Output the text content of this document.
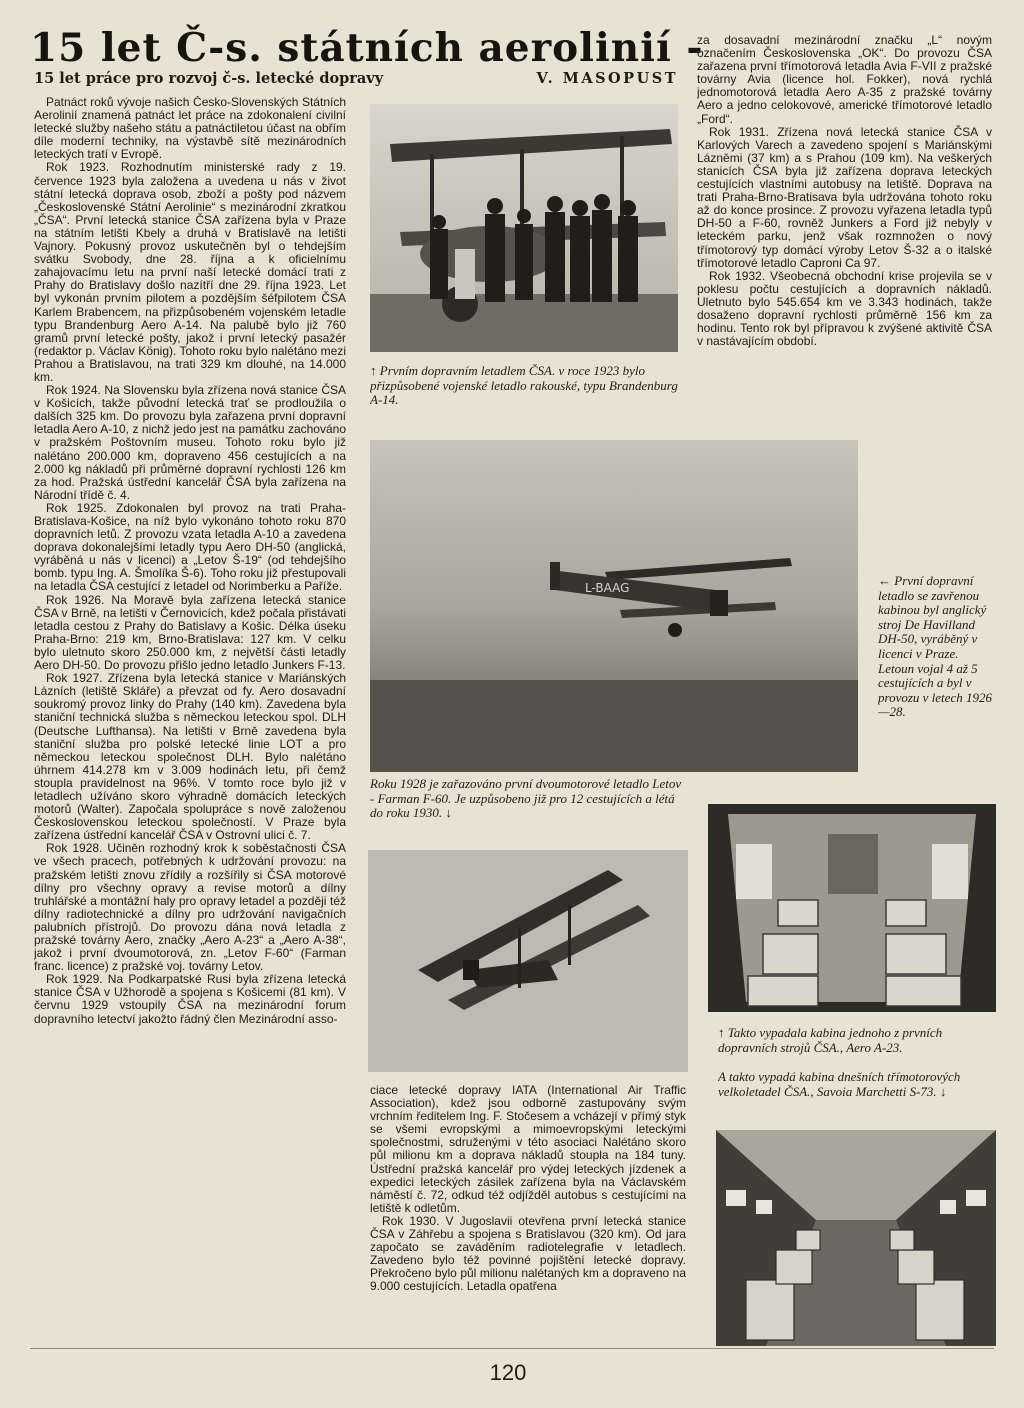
15 let Č-s. státních aerolinií -
15 let práce pro rozvoj č-s. letecké dopravy	V. MASOPUST

Patnáct roků vývoje našich Česko-Slovenských Státních Aerolinií znamená patnáct let práce na zdokonalení civilní letecké služby našeho státu a patnáctiletou účast na obřím díle moderní techniky, na výstavbě sítě mezinárodních leteckých tratí v Evropě.

Rok 1923. Rozhodnutím ministerské rady z 19. července 1923 byla založena a uvedena u nás v život státní letecká doprava osob, zboží a pošty pod názvem „Československé Státní Aerolinie“ s mezinárodní zkratkou „ČSA“. První letecká stanice ČSA zařízena byla v Praze na státním letišti Kbely a druhá v Bratislavě na letišti Vajnory. Pokusný provoz uskutečněn byl o tehdejším svátku Svobody, dne 28. října a k oficielnímu zahajovacímu letu na první naší letecké domácí trati z Prahy do Bratislavy došlo nazítří dne 29. října 1923. Let byl vykonán prvním pilotem a pozdějším šéfpilotem ČSA Karlem Brabencem, na přizpůsobeném vojenském letadle typu Brandenburg Aero A-14. Na palubě bylo již 760 gramů první letecké pošty, jakož i první letecký pasažér (redaktor p. Václav König). Tohoto roku bylo nalétáno mezi Prahou a Bratislavou, na trati 329 km dlouhé, na 14.000 km.

Rok 1924. Na Slovensku byla zřízena nová stanice ČSA v Košicích, takže původní letecká trať se prodloužila o dalších 325 km. Do provozu byla zařazena první dopravní letadla Aero A-10, z nichž jedo jest na památku zachováno v pražském Poštovním museu. Tohoto roku bylo již nalétáno 200.000 km, dopraveno 456 cestujících a na 2.000 kg nákladů při průměrné dopravní rychlosti 126 km za hod. Pražská ústřední kancelář ČSA byla zařízena na Národní třídě č. 4.

Rok 1925. Zdokonalen byl provoz na trati Praha-Bratislava-Košice, na níž bylo vykonáno tohoto roku 870 dopravních letů. Z provozu vzata letadla A-10 a zavedena doprava dokonalejšími letadly typu Aero DH-50 (anglická, vyráběná u nás v licenci) a „Letov Š-19“ (od tehdejšího bomb. typu Ing. A. Šmolíka Š-6). Toho roku již přestupovali na letadla ČSA cestující z letadel od Norimberku a Paříže.

Rok 1926. Na Moravě byla zařízena letecká stanice ČSA v Brně, na letišti v Černovicích, kdež počala přistávati letadla cestou z Prahy do Batislavy a Košic. Délka úseku Praha-Brno: 219 km, Brno-Bratislava: 127 km. V celku bylo uletnuto skoro 250.000 km, z největší části letadly Aero DH-50. Do provozu přišlo jedno letadlo Junkers F-13.

Rok 1927. Zřízena byla letecká stanice v Mariánských Lázních (letiště Skláře) a převzat od fy. Aero dosavadní soukromý provoz linky do Prahy (140 km). Zavedena byla staniční technická služba s německou leteckou spol. DLH (Deutsche Lufthansa). Na letišti v Brně zavedena byla staniční služba pro polské letecké linie LOT a pro německou leteckou společnost DLH. Bylo nalétáno úhrnem 414.278 km v 3.009 hodinách letu, při čemž stoupla pravidelnost na 96%. V tomto roce bylo již v letadlech užíváno skoro výhradně domácích leteckých motorů (Walter). Započala spolupráce s nově založenou Československou leteckou společností. V Praze byla zařízena ústřední kancelář ČSA v Ostrovní ulici č. 7.

Rok 1928. Učiněn rozhodný krok k soběstačnosti ČSA ve všech pracech, potřebných k udržování provozu: na pražském letišti znovu zřídily a rozšířily si ČSA motorové dílny pro všechny opravy a revise motorů a dílny truhlářské a montážní haly pro opravy letadel a později též dílny radiotechnické a dílny pro udržování navigačních palubních přístrojů. Do provozu dána nová letadla z pražské továrny Aero, značky „Aero A-23“ a „Aero A-38“, jakož i první dvoumotorová, zn. „Letov F-60“ (Farman franc. licence) z pražské voj. továrny Letov.

Rok 1929. Na Podkarpatské Rusi byla zřízena letecká stanice ČSA v Užhorodě a spojena s Košicemi (81 km). V červnu 1929 vstoupily ČSA na mezinárodní forum dopravního letectví jakožto řádný člen Mezinárodní asso-

↑ Prvním dopravním letadlem ČSA. v roce 1923 bylo přizpůsobené vojenské letadlo rakouské, typu Brandenburg A-14.

za dosavadní mezinárodní značku „L“ novým označením Československa „OK“. Do provozu ČSA zařazena první třímotorová letadla Avia F-VII z pražské továrny Avia (licence hol. Fokker), nová rychlá jednomotorová letadla Aero A-35 z pražské továrny Aero a jedno celokovové, americké třímotorové letadlo „Ford“.

Rok 1931. Zřízena nová letecká stanice ČSA v Karlových Varech a zavedeno spojení s Mariánskými Lázněmi (37 km) a s Prahou (109 km). Na veškerých stanicích ČSA byla již zařízena doprava leteckých cestujících vlastními autobusy na letiště. Doprava na trati Praha-Brno-Bratisava byla udržována tohoto roku až do konce prosince. Z provozu vyřazena letadla typů DH-50 a F-60, rovněž Junkers a Ford již nebyly v leteckém parku, jenž však rozmnožen o nový třímotorový typ domácí výroby Letov Š-32 a o italské třímotorové letadlo Caproni Ca 97.

Rok 1932. Všeobecná obchodní krise projevila se v poklesu počtu cestujících a dopravních nákladů. Uletnuto bylo 545.654 km ve 3.343 hodinách, takže dosaženo dopravní rychlosti průměrně 156 km za hodinu. Tento rok byl přípravou k zvýšené aktivitě ČSA v nastávajícím období.

L-BAAG	← První dopravní letadlo se zavřenou kabinou byl anglický stroj De Havilland DH-50, vyráběný v licenci v Praze. Letoun vojal 4 až 5 cestujících a byl v provozu v letech 1926—28.
Roku 1928 je zařazováno první dvoumotorové letadlo Letov - Farman F-60. Je uzpůsobeno již pro 12 cestujících a létá do roku 1930. ↓

ciace letecké dopravy IATA (International Air Traffic Association), kdež jsou odborně zastupovány svým vrchním ředitelem Ing. F. Stočesem a vcházejí v přímý styk se všemi evropskými a mimoevropskými leteckými společnostmi, sdruženými v této asociaci Nalétáno skoro půl milionu km a doprava nákladů stoupla na 184 tuny. Ústřední pražská kancelář pro výdej leteckých jízdenek a expedici leteckých zásilek zařízena byla na Václavském náměstí č. 72, odkud též odjížděl autobus s cestujícími na letiště k odletům.

Rok 1930. V Jugoslavii otevřena první letecká stanice ČSA v Záhřebu a spojena s Bratislavou (320 km). Od jara započato se zaváděním radiotelegrafie v letadlech. Zavedeno bylo též povinné pojištění letecké dopravy. Překročeno bylo půl milionu nalétaných km a dopraveno na 9.000 cestujících. Letadla opatřena

↑ Takto vypadala kabina jednoho z prvních dopravních strojů ČSA., Aero A-23.
A takto vypadá kabina dnešních třímotorových velkoletadel ČSA., Savoia Marchetti S-73. ↓
120
